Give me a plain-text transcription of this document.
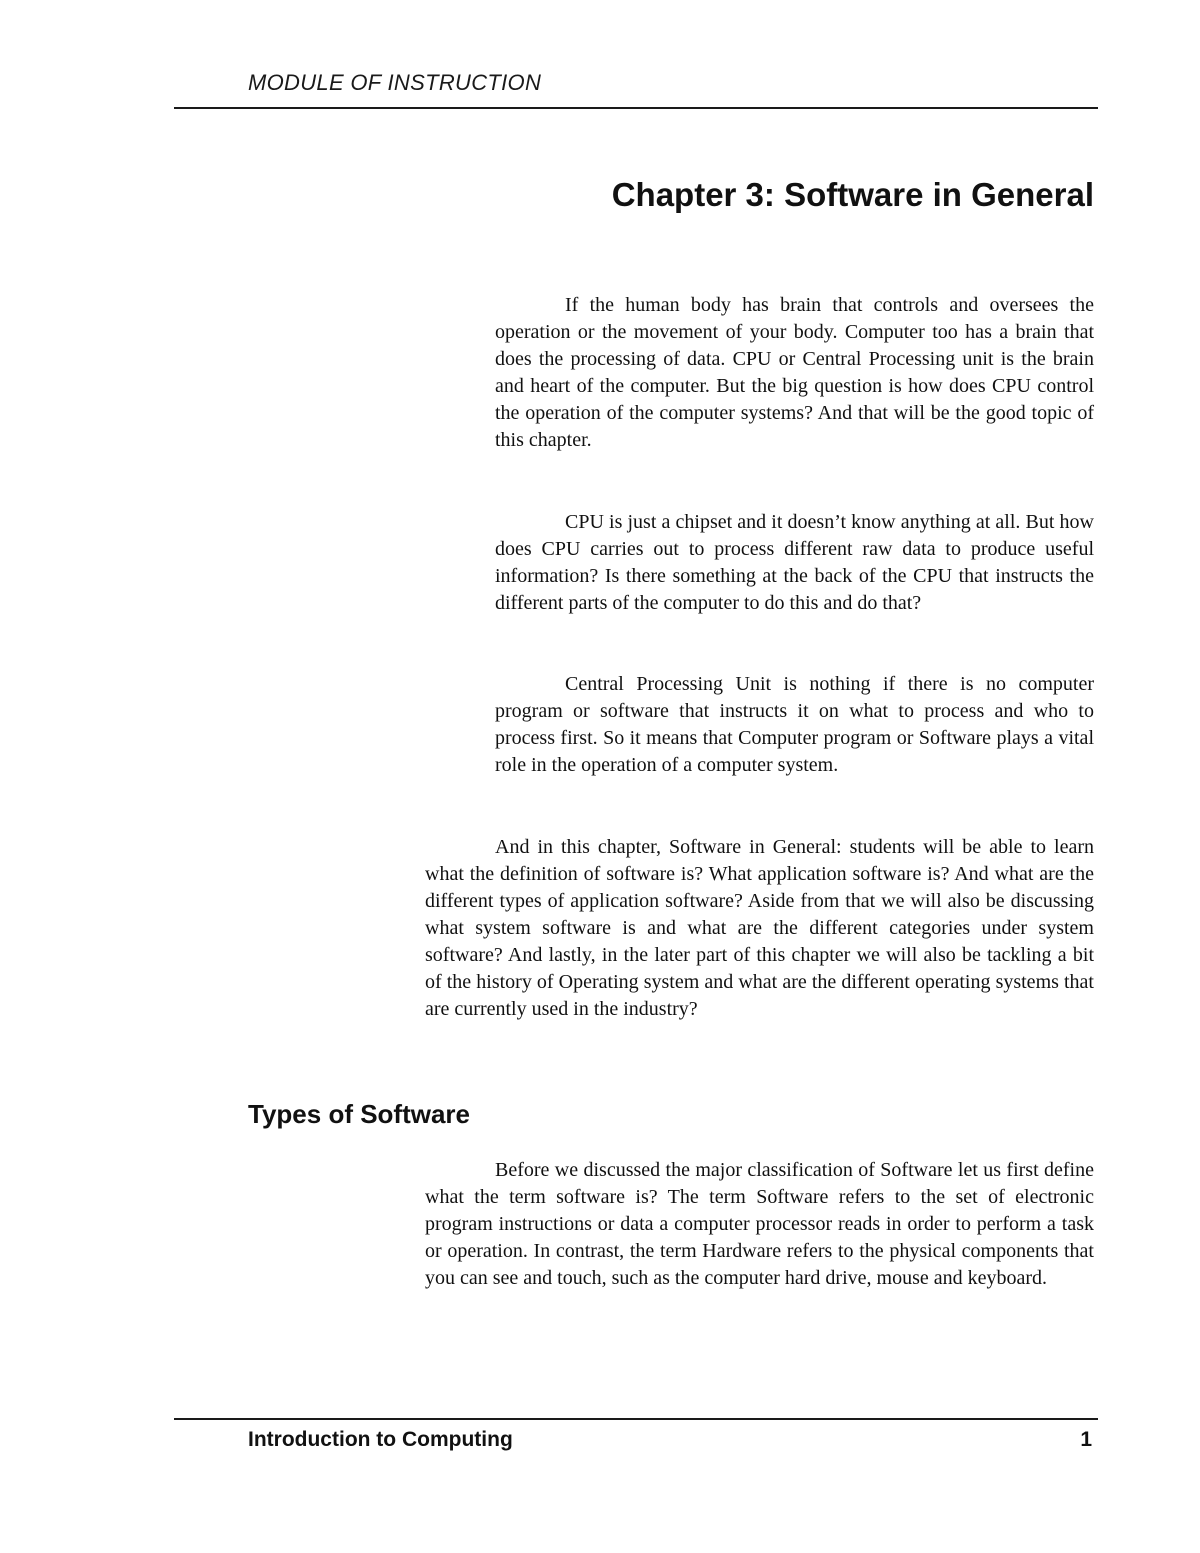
MODULE OF INSTRUCTION
Chapter 3: Software in General

If the human body has brain that controls and oversees the operation or the movement of your body. Computer too has a brain that does the processing of data. CPU or Central Processing unit is the brain and heart of the computer. But the big question is how does CPU control the operation of the computer systems? And that will be the good topic of this chapter.

CPU is just a chipset and it doesn’t know anything at all. But how does CPU carries out to process different raw data to produce useful information? Is there something at the back of the CPU that instructs the different parts of the computer to do this and do that?

Central Processing Unit is nothing if there is no computer program or software that instructs it on what to process and who to process first. So it means that Computer program or Software plays a vital role in the operation of a computer system.

And in this chapter, Software in General: students will be able to learn what the definition of software is? What application software is? And what are the different types of application software? Aside from that we will also be discussing what system software is and what are the different categories under system software? And lastly, in the later part of this chapter we will also be tackling a bit of the history of Operating system and what are the different operating systems that are currently used in the industry?

Types of Software

Before we discussed the major classification of Software let us first define what the term software is? The term Software refers to the set of electronic program instructions or data a computer processor reads in order to perform a task or operation. In contrast, the term Hardware refers to the physical components that you can see and touch, such as the computer hard drive, mouse and keyboard.

Introduction to Computing	1
